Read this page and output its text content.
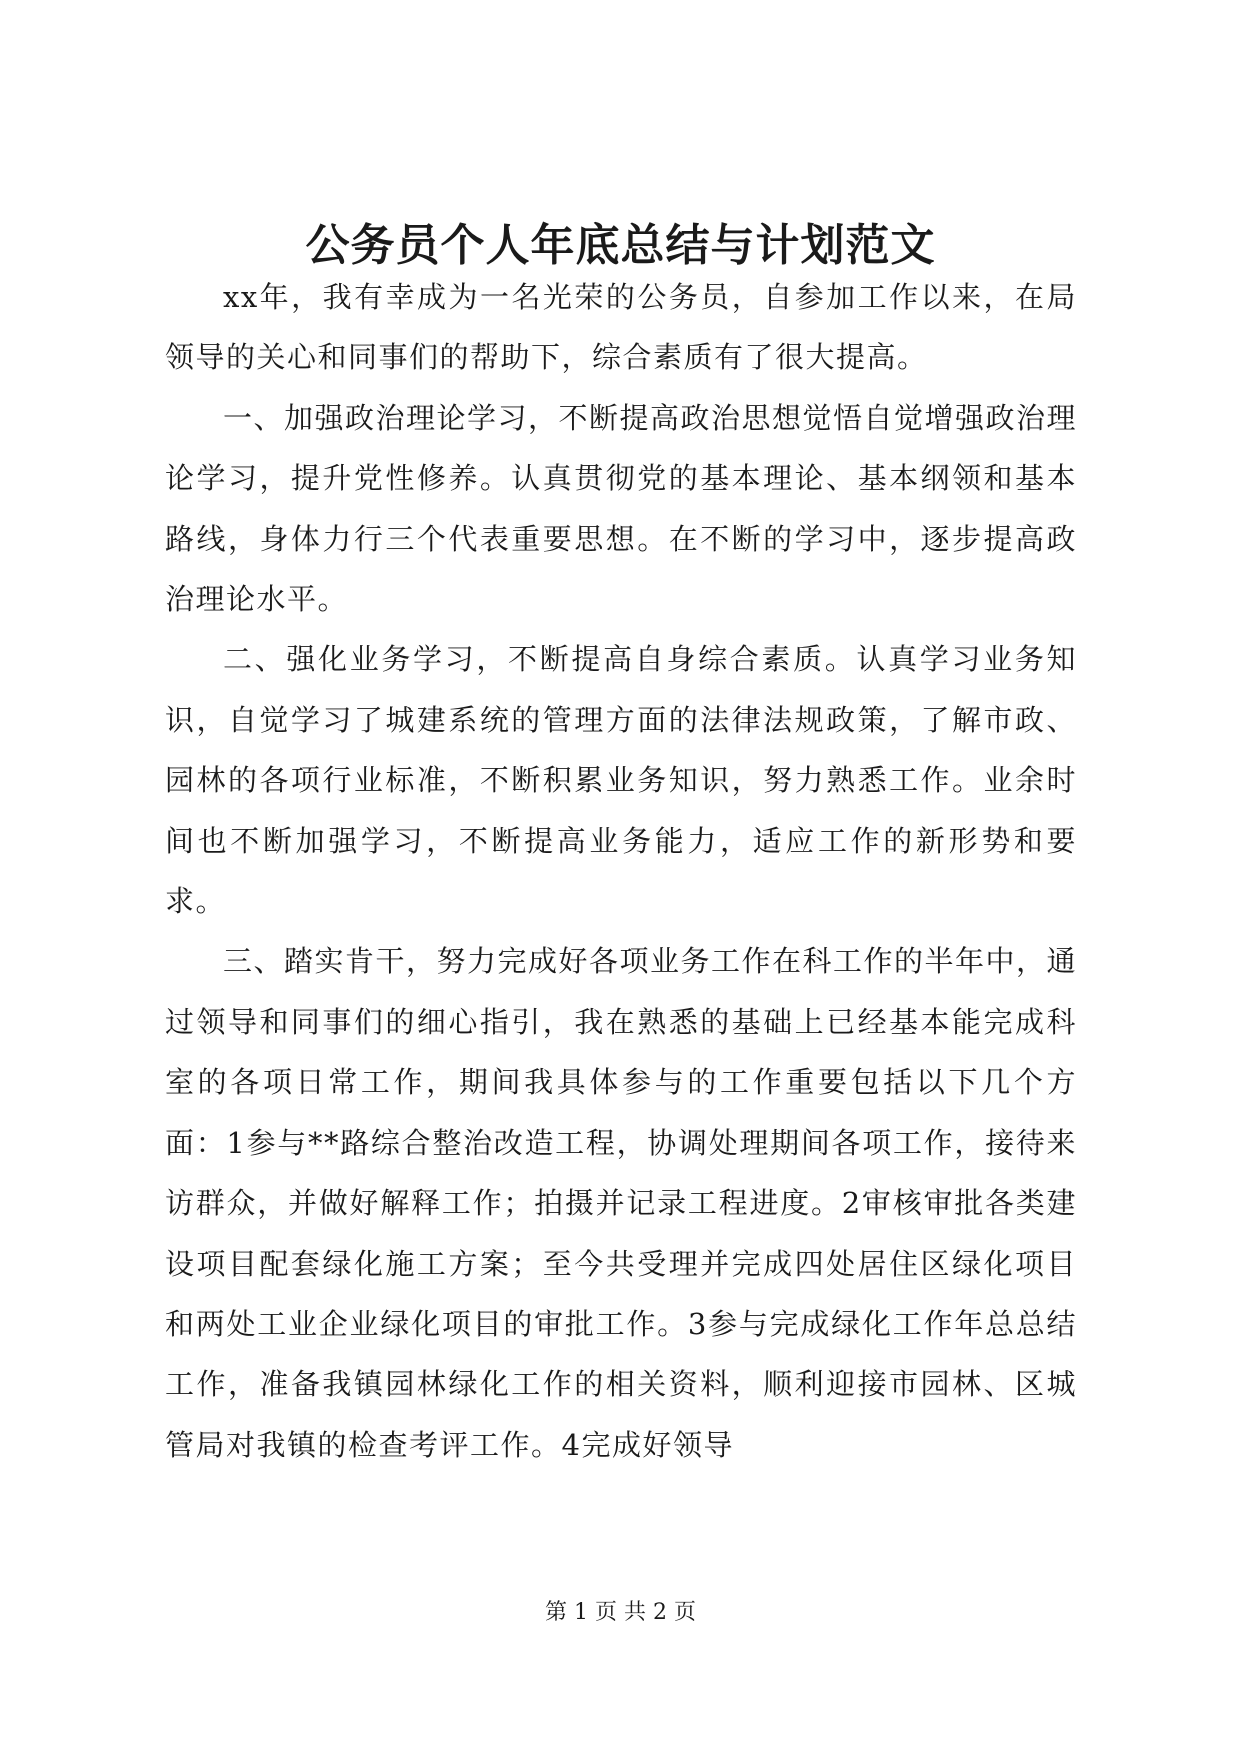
公务员个人年底总结与计划范文

xx年，我有幸成为一名光荣的公务员，自参加工作以来，在局领导的关心和同事们的帮助下，综合素质有了很大提高。

一、加强政治理论学习，不断提高政治思想觉悟自觉增强政治理论学习，提升党性修养。认真贯彻党的基本理论、基本纲领和基本路线，身体力行三个代表重要思想。在不断的学习中，逐步提高政治理论水平。

二、强化业务学习，不断提高自身综合素质。认真学习业务知识，自觉学习了城建系统的管理方面的法律法规政策，了解市政、园林的各项行业标准，不断积累业务知识，努力熟悉工作。业余时间也不断加强学习，不断提高业务能力，适应工作的新形势和要求。

三、踏实肯干，努力完成好各项业务工作在科工作的半年中，通过领导和同事们的细心指引，我在熟悉的基础上已经基本能完成科室的各项日常工作，期间我具体参与的工作重要包括以下几个方面：1参与**路综合整治改造工程，协调处理期间各项工作，接待来访群众，并做好解释工作；拍摄并记录工程进度。2审核审批各类建设项目配套绿化施工方案；至今共受理并完成四处居住区绿化项目和两处工业企业绿化项目的审批工作。3参与完成绿化工作年总总结工作，准备我镇园林绿化工作的相关资料，顺利迎接市园林、区城管局对我镇的检查考评工作。4完成好领导

第 1 页 共 2 页
